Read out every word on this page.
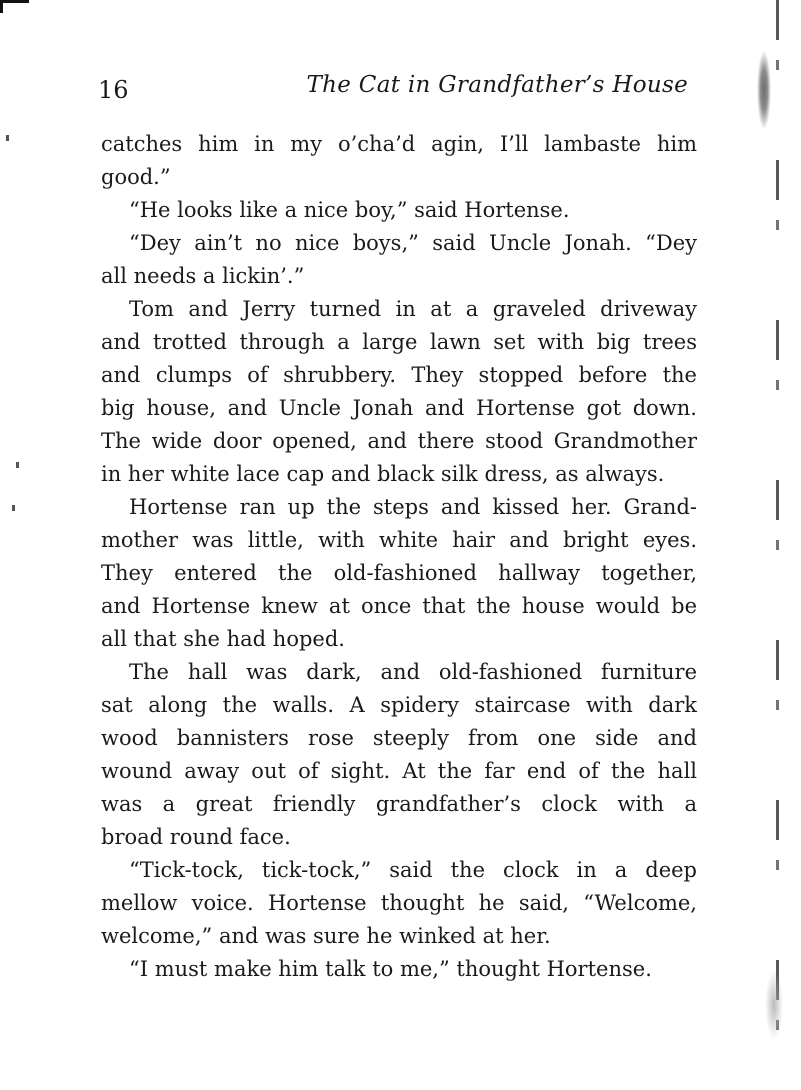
16	The Cat in Grandfather’s House
catches him in my o’cha’d agin, I’ll lambaste him
good.”
“He looks like a nice boy,” said Hortense.
“Dey ain’t no nice boys,” said Uncle Jonah. “Dey
all needs a lickin’.”
Tom and Jerry turned in at a graveled driveway
and trotted through a large lawn set with big trees
and clumps of shrubbery. They stopped before the
big house, and Uncle Jonah and Hortense got down.
The wide door opened, and there stood Grandmother
in her white lace cap and black silk dress, as always.
Hortense ran up the steps and kissed her. Grand-
mother was little, with white hair and bright eyes.
They entered the old-fashioned hallway together,
and Hortense knew at once that the house would be
all that she had hoped.
The hall was dark, and old-fashioned furniture
sat along the walls. A spidery staircase with dark
wood bannisters rose steeply from one side and
wound away out of sight. At the far end of the hall
was a great friendly grandfather’s clock with a
broad round face.
“Tick-tock, tick-tock,” said the clock in a deep
mellow voice. Hortense thought he said, “Welcome,
welcome,” and was sure he winked at her.
“I must make him talk to me,” thought Hortense.
